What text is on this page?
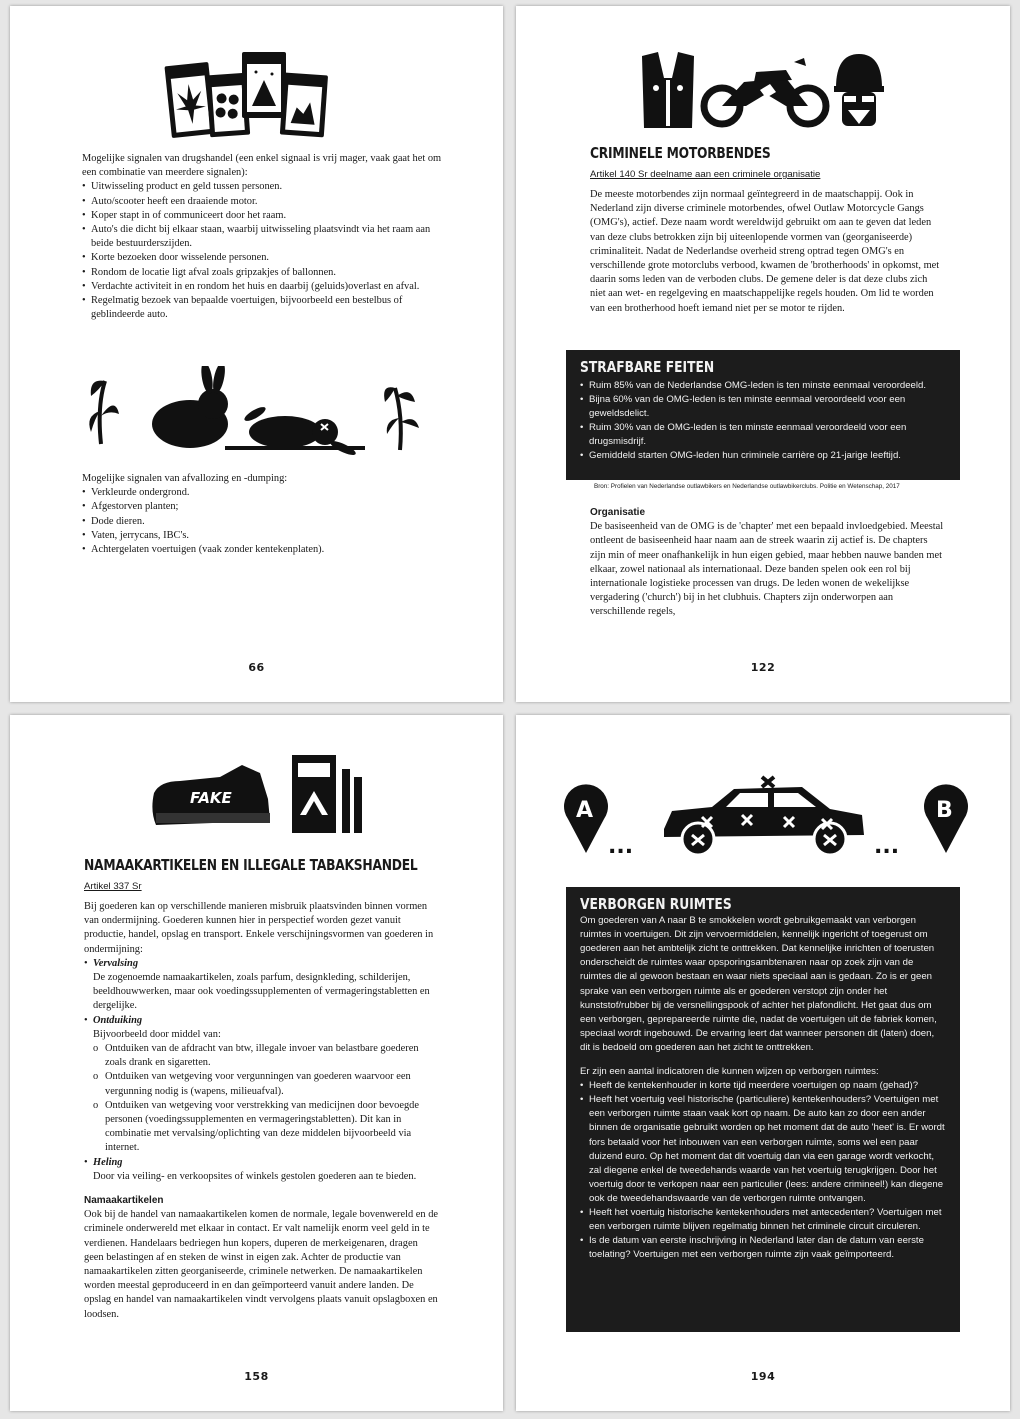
Mogelijke signalen van drugshandel (een enkel signaal is vrij mager, vaak gaat het om een combinatie van meerdere signalen):

• Uitwisseling product en geld tussen personen.
• Auto/scooter heeft een draaiende motor.
• Koper stapt in of communiceert door het raam.
• Auto's die dicht bij elkaar staan, waarbij uitwisseling plaatsvindt via het raam aan beide bestuurderszijden.
• Korte bezoeken door wisselende personen.
• Rondom de locatie ligt afval zoals gripzakjes of ballonnen.
• Verdachte activiteit in en rondom het huis en daarbij (geluids)overlast en afval.
• Regelmatig bezoek van bepaalde voertuigen, bijvoorbeeld een bestelbus of geblindeerde auto.

Mogelijke signalen van afvallozing en -dumping:

• Verkleurde ondergrond.
• Afgestorven planten;
• Dode dieren.
• Vaten, jerrycans, IBC's.
• Achtergelaten voertuigen (vaak zonder kentekenplaten).
66
CRIMINELE MOTORBENDES
Artikel 140 Sr deelname aan een criminele organisatie

De meeste motorbendes zijn normaal geïntegreerd in de maatschappij. Ook in Nederland zijn diverse criminele motorbendes, ofwel Outlaw Motorcycle Gangs (OMG's), actief. Deze naam wordt wereldwijd gebruikt om aan te geven dat leden van deze clubs betrokken zijn bij uiteenlopende vormen van (georganiseerde) criminaliteit. Nadat de Nederlandse overheid streng optrad tegen OMG's en verschillende grote motorclubs verbood, kwamen de 'brotherhoods' in opkomst, met daarin soms leden van de verboden clubs. De gemene deler is dat deze clubs zich niet aan wet- en regelgeving en maatschappelijke regels houden. Om lid te worden van een brotherhood hoeft iemand niet per se motor te rijden.

STRAFBARE FEITEN
• Ruim 85% van de Nederlandse OMG-leden is ten minste eenmaal veroordeeld.
• Bijna 60% van de OMG-leden is ten minste eenmaal veroordeeld voor een geweldsdelict.
• Ruim 30% van de OMG-leden is ten minste eenmaal veroordeeld voor een drugsmisdrijf.
• Gemiddeld starten OMG-leden hun criminele carrière op 21-jarige leeftijd.
Bron: Profielen van Nederlandse outlawbikers en Nederlandse outlawbikerclubs. Politie en Wetenschap, 2017

Organisatie

De basiseenheid van de OMG is de 'chapter' met een bepaald invloedgebied. Meestal ontleent de basiseenheid haar naam aan de streek waarin zij actief is. De chapters zijn min of meer onafhankelijk in hun eigen gebied, maar hebben nauwe banden met elkaar, zowel nationaal als internationaal. Deze banden spelen ook een rol bij internationale logistieke processen van drugs. De leden wonen de wekelijkse vergadering ('church') bij in het clubhuis. Chapters zijn onderworpen aan verschillende regels,

122
FAKE
NAMAAKARTIKELEN EN ILLEGALE TABAKSHANDEL
Artikel 337 Sr

Bij goederen kan op verschillende manieren misbruik plaatsvinden binnen vormen van ondermijning. Goederen kunnen hier in perspectief worden gezet vanuit productie, handel, opslag en transport. Enkele verschijningsvormen van goederen in ondermijning:

• Vervalsing
De zogenoemde namaakartikelen, zoals parfum, designkleding, schilderijen, beeldhouwwerken, maar ook voedingssupplementen of vermageringstabletten en dergelijke.
• Ontduiking
Bijvoorbeeld door middel van:
o Ontduiken van de afdracht van btw, illegale invoer van belastbare goederen zoals drank en sigaretten.
o Ontduiken van wetgeving voor vergunningen van goederen waarvoor een vergunning nodig is (wapens, milieuafval).
o Ontduiken van wetgeving voor verstrekking van medicijnen door bevoegde personen (voedingssupplementen en vermageringstabletten). Dit kan in combinatie met vervalsing/oplichting van deze middelen bijvoorbeeld via internet.
• Heling
Door via veiling- en verkoopsites of winkels gestolen goederen aan te bieden.

Namaakartikelen

Ook bij de handel van namaakartikelen komen de normale, legale bovenwereld en de criminele onderwereld met elkaar in contact. Er valt namelijk enorm veel geld in te verdienen. Handelaars bedriegen hun kopers, duperen de merkeigenaren, dragen geen belastingen af en steken de winst in eigen zak. Achter de productie van namaakartikelen zitten georganiseerde, criminele netwerken. De namaakartikelen worden meestal geproduceerd in en dan geïmporteerd vanuit andere landen. De opslag en handel van namaakartikelen vindt vervolgens plaats vanuit opslagboxen en loodsen.

158
A
...	...
B
VERBORGEN RUIMTES

Om goederen van A naar B te smokkelen wordt gebruikgemaakt van verborgen ruimtes in voertuigen. Dit zijn vervoermiddelen, kennelijk ingericht of toegerust om goederen aan het ambtelijk zicht te onttrekken. Dat kennelijke inrichten of toerusten onderscheidt de ruimtes waar opsporingsambtenaren naar op zoek zijn van de ruimtes die al gewoon bestaan en waar niets speciaal aan is gedaan. Zo is er geen sprake van een verborgen ruimte als er goederen verstopt zijn onder het kunststof/rubber bij de versnellingspook of achter het plafondlicht. Het gaat dus om een verborgen, geprepareerde ruimte die, nadat de voertuigen uit de fabriek komen, speciaal wordt ingebouwd. De ervaring leert dat wanneer personen dit (laten) doen, dit is bedoeld om goederen aan het zicht te onttrekken.

Er zijn een aantal indicatoren die kunnen wijzen op verborgen ruimtes:

• Heeft de kentekenhouder in korte tijd meerdere voertuigen op naam (gehad)?
• Heeft het voertuig veel historische (particuliere) kentekenhouders? Voertuigen met een verborgen ruimte staan vaak kort op naam. De auto kan zo door een ander binnen de organisatie gebruikt worden op het moment dat de auto 'heet' is. Er wordt fors betaald voor het inbouwen van een verborgen ruimte, soms wel een paar duizend euro. Op het moment dat dit voertuig dan via een garage wordt verkocht, zal diegene enkel de tweedehands waarde van het voertuig terugkrijgen. Door het voertuig door te verkopen naar een particulier (lees: andere crimineel!) kan diegene ook de tweedehandswaarde van de verborgen ruimte ontvangen.
• Heeft het voertuig historische kentekenhouders met antecedenten? Voertuigen met een verborgen ruimte blijven regelmatig binnen het criminele circuit circuleren.
• Is de datum van eerste inschrijving in Nederland later dan de datum van eerste toelating? Voertuigen met een verborgen ruimte zijn vaak geïmporteerd.
194
